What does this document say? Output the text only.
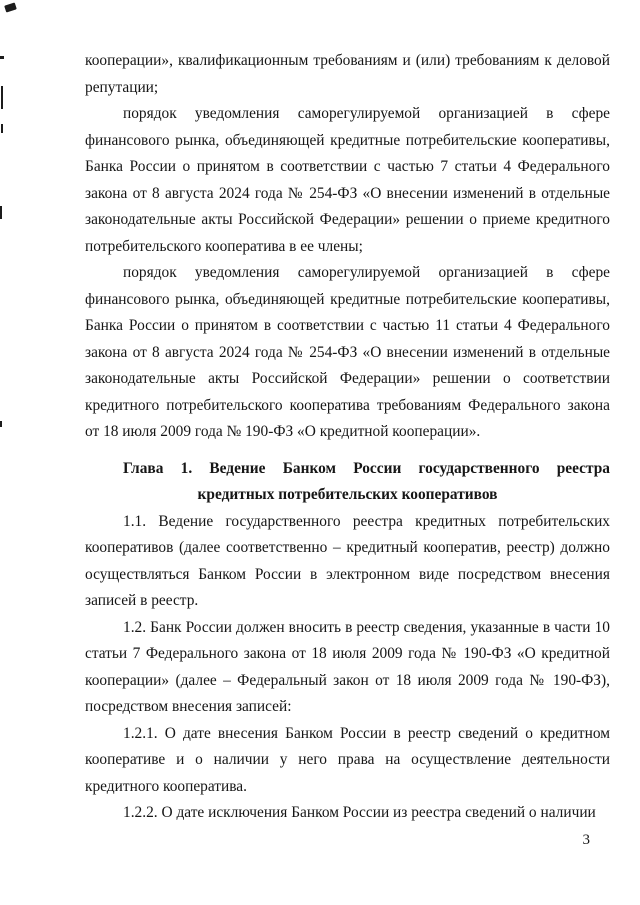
кооперации», квалификационным требованиям и (или) требованиям к деловой репутации;

порядок уведомления саморегулируемой организацией в сфере финансового рынка, объединяющей кредитные потребительские кооперативы, Банка России о принятом в соответствии с частью 7 статьи 4 Федерального закона от 8 августа 2024 года № 254-ФЗ «О внесении изменений в отдельные законодательные акты Российской Федерации» решении о приеме кредитного потребительского кооператива в ее члены;

порядок уведомления саморегулируемой организацией в сфере финансового рынка, объединяющей кредитные потребительские кооперативы, Банка России о принятом в соответствии с частью 11 статьи 4 Федерального закона от 8 августа 2024 года № 254-ФЗ «О внесении изменений в отдельные законодательные акты Российской Федерации» решении о соответствии кредитного потребительского кооператива требованиям Федерального закона от 18 июля 2009 года № 190-ФЗ «О кредитной кооперации».

Глава 1. Ведение Банком России государственного реестра
кредитных потребительских кооперативов

1.1. Ведение государственного реестра кредитных потребительских кооперативов (далее соответственно – кредитный кооператив, реестр) должно осуществляться Банком России в электронном виде посредством внесения записей в реестр.

1.2. Банк России должен вносить в реестр сведения, указанные в части 10 статьи 7 Федерального закона от 18 июля 2009 года № 190-ФЗ «О кредитной кооперации» (далее – Федеральный закон от 18 июля 2009 года № 190-ФЗ), посредством внесения записей:

1.2.1. О дате внесения Банком России в реестр сведений о кредитном кооперативе и о наличии у него права на осуществление деятельности кредитного кооператива.

1.2.2. О дате исключения Банком России из реестра сведений о наличии

3
